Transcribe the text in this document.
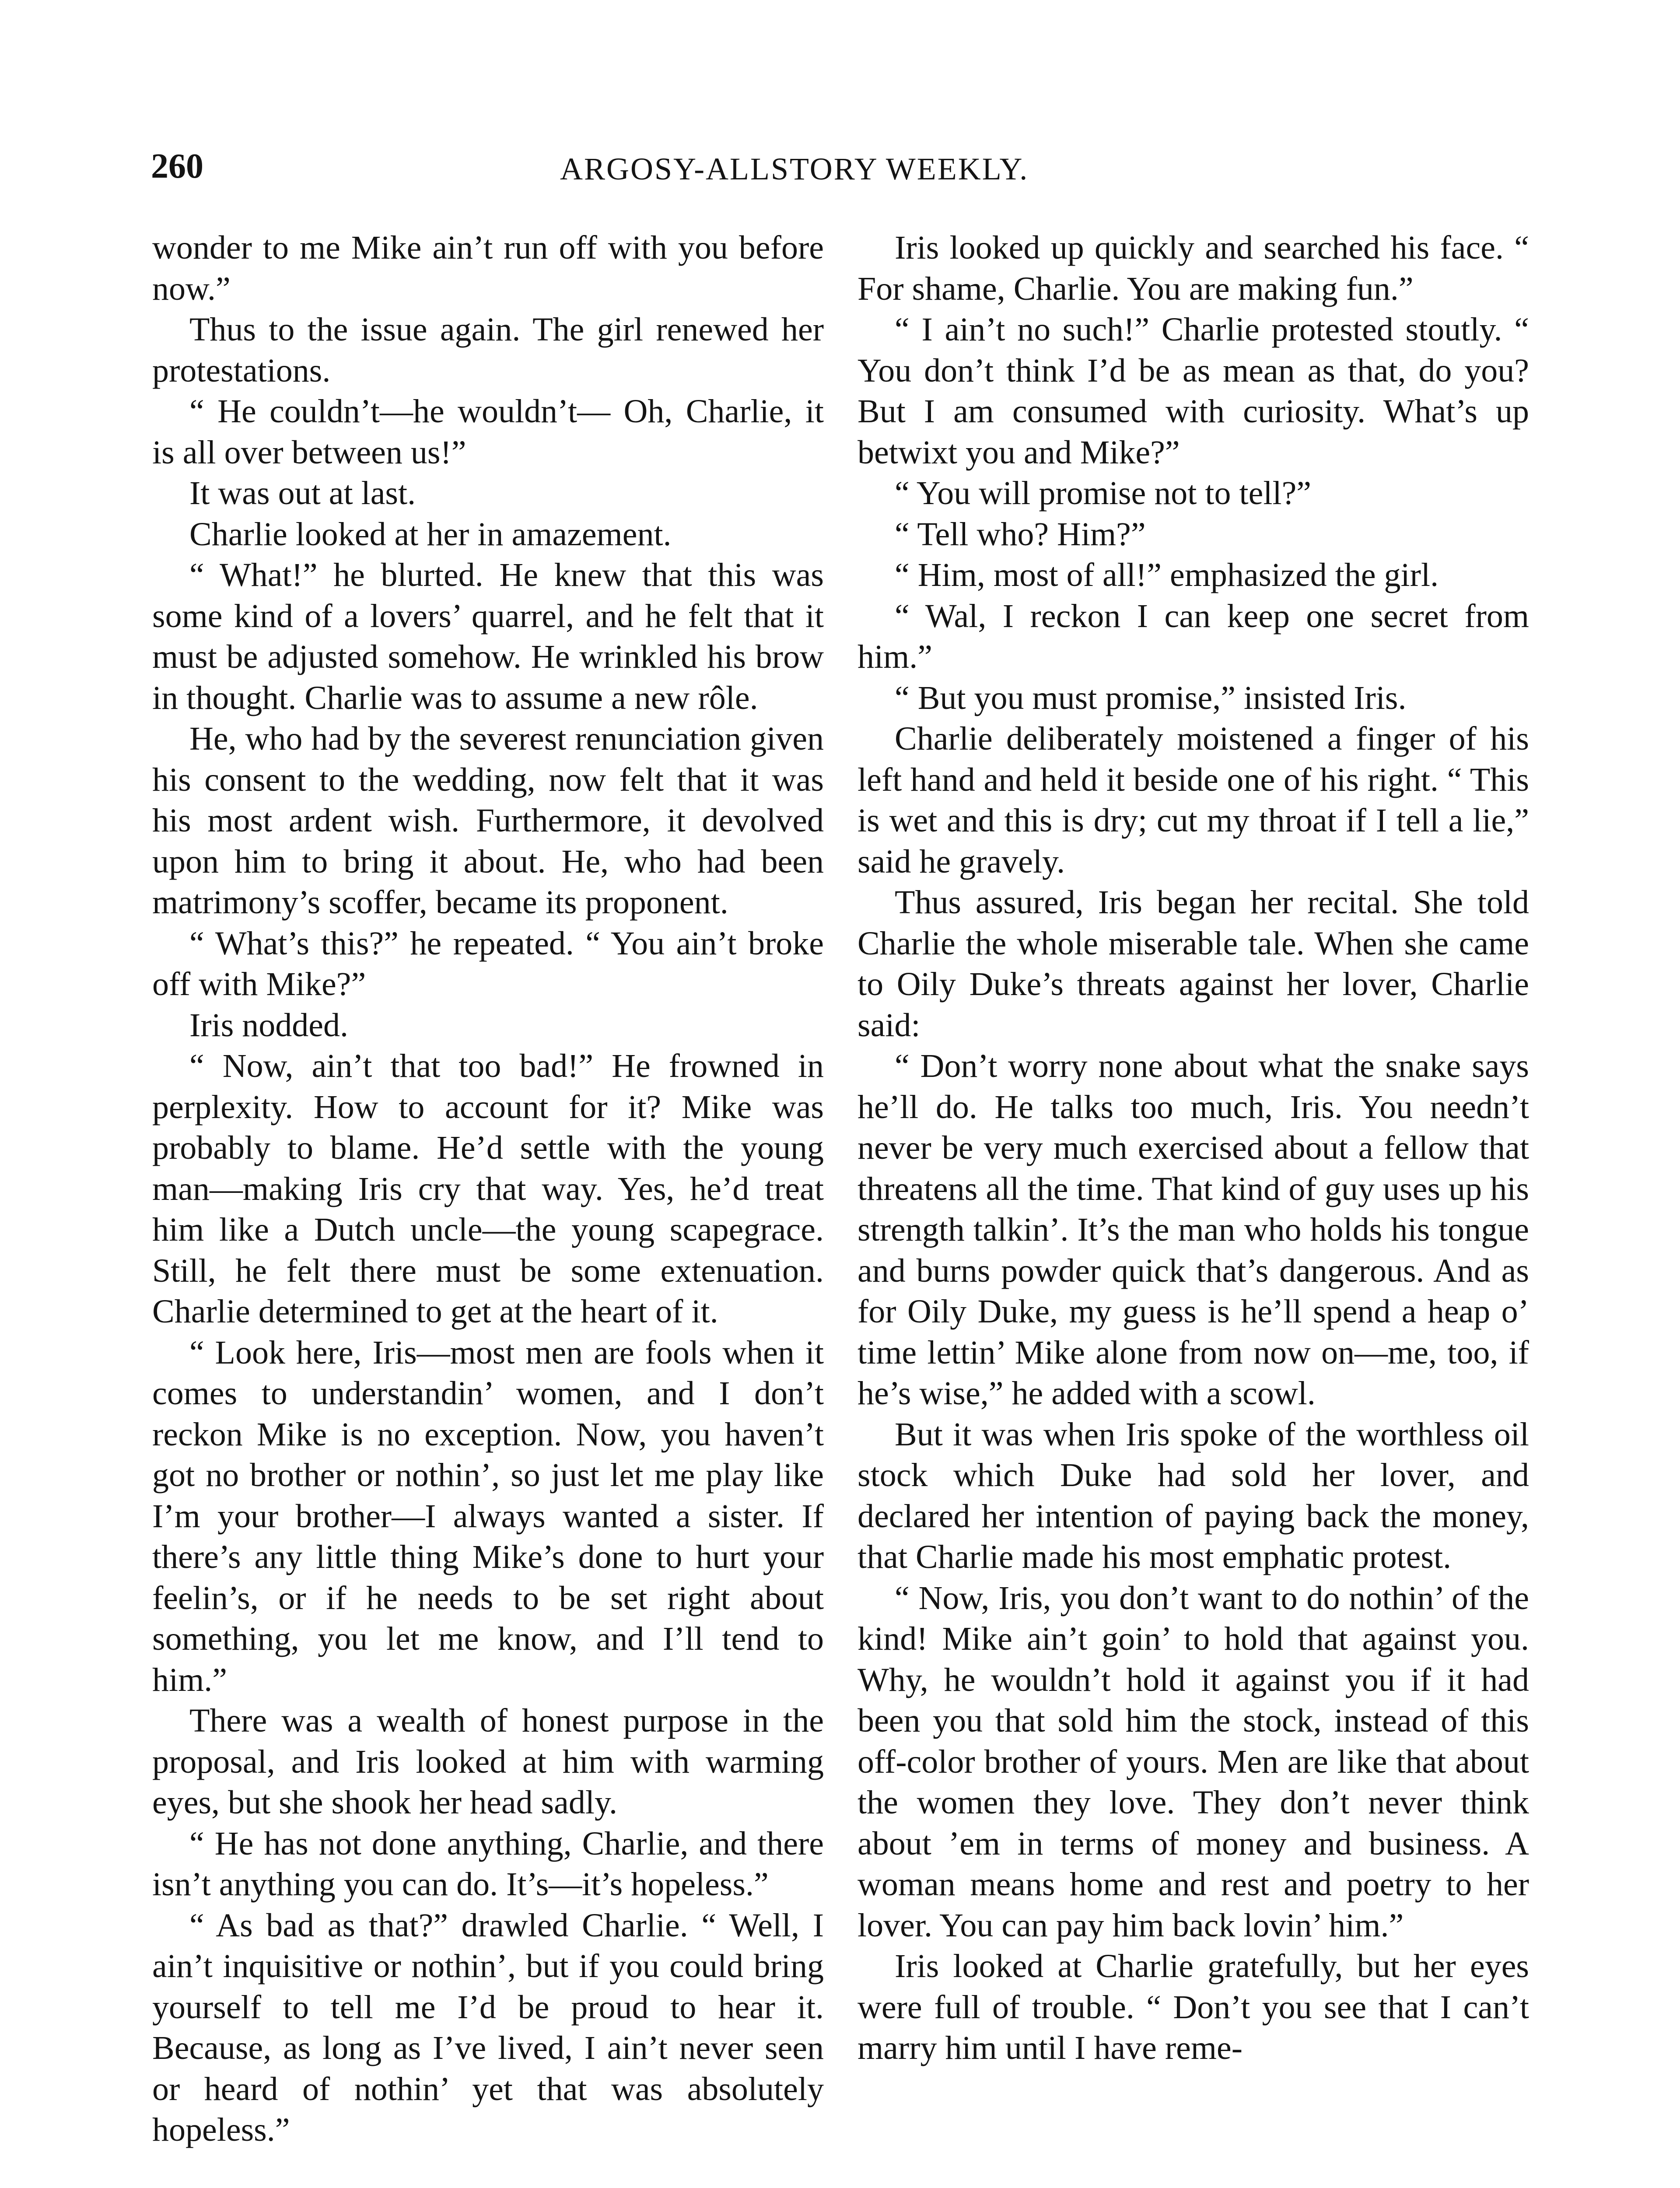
260	ARGOSY-ALLSTORY WEEKLY.

wonder to me Mike ain’t run off with you before now.”

Thus to the issue again. The girl renewed her protestations.

“ He couldn’t—he wouldn’t— Oh, Charlie, it is all over between us!”

It was out at last.

Charlie looked at her in amazement.

“ What!” he blurted. He knew that this was some kind of a lovers’ quarrel, and he felt that it must be adjusted somehow. He wrinkled his brow in thought. Charlie was to assume a new rôle.

He, who had by the severest renunciation given his consent to the wedding, now felt that it was his most ardent wish. Furthermore, it devolved upon him to bring it about. He, who had been matrimony’s scoffer, became its proponent.

“ What’s this?” he repeated. “ You ain’t broke off with Mike?”

Iris nodded.

“ Now, ain’t that too bad!” He frowned in perplexity. How to account for it? Mike was probably to blame. He’d settle with the young man—making Iris cry that way. Yes, he’d treat him like a Dutch uncle—the young scapegrace. Still, he felt there must be some extenuation. Charlie determined to get at the heart of it.

“ Look here, Iris—most men are fools when it comes to understandin’ women, and I don’t reckon Mike is no exception. Now, you haven’t got no brother or nothin’, so just let me play like I’m your brother—I always wanted a sister. If there’s any little thing Mike’s done to hurt your feelin’s, or if he needs to be set right about something, you let me know, and I’ll tend to him.”

There was a wealth of honest purpose in the proposal, and Iris looked at him with warming eyes, but she shook her head sadly.

“ He has not done anything, Charlie, and there isn’t anything you can do. It’s—it’s hopeless.”

“ As bad as that?” drawled Charlie. “ Well, I ain’t inquisitive or nothin’, but if you could bring yourself to tell me I’d be proud to hear it. Because, as long as I’ve lived, I ain’t never seen or heard of nothin’ yet that was absolutely hopeless.”

Iris looked up quickly and searched his face. “ For shame, Charlie. You are making fun.”

“ I ain’t no such!” Charlie protested stoutly. “ You don’t think I’d be as mean as that, do you? But I am consumed with curiosity. What’s up betwixt you and Mike?”

“ You will promise not to tell?”

“ Tell who? Him?”

“ Him, most of all!” emphasized the girl.

“ Wal, I reckon I can keep one secret from him.”

“ But you must promise,” insisted Iris.

Charlie deliberately moistened a finger of his left hand and held it beside one of his right. “ This is wet and this is dry; cut my throat if I tell a lie,” said he gravely.

Thus assured, Iris began her recital. She told Charlie the whole miserable tale. When she came to Oily Duke’s threats against her lover, Charlie said:

“ Don’t worry none about what the snake says he’ll do. He talks too much, Iris. You needn’t never be very much exercised about a fellow that threatens all the time. That kind of guy uses up his strength talkin’. It’s the man who holds his tongue and burns powder quick that’s dangerous. And as for Oily Duke, my guess is he’ll spend a heap o’ time lettin’ Mike alone from now on—me, too, if he’s wise,” he added with a scowl.

But it was when Iris spoke of the worthless oil stock which Duke had sold her lover, and declared her intention of paying back the money, that Charlie made his most emphatic protest.

“ Now, Iris, you don’t want to do nothin’ of the kind! Mike ain’t goin’ to hold that against you. Why, he wouldn’t hold it against you if it had been you that sold him the stock, instead of this off-color brother of yours. Men are like that about the women they love. They don’t never think about ’em in terms of money and business. A woman means home and rest and poetry to her lover. You can pay him back lovin’ him.”

Iris looked at Charlie gratefully, but her eyes were full of trouble. “ Don’t you see that I can’t marry him until I have reme-
